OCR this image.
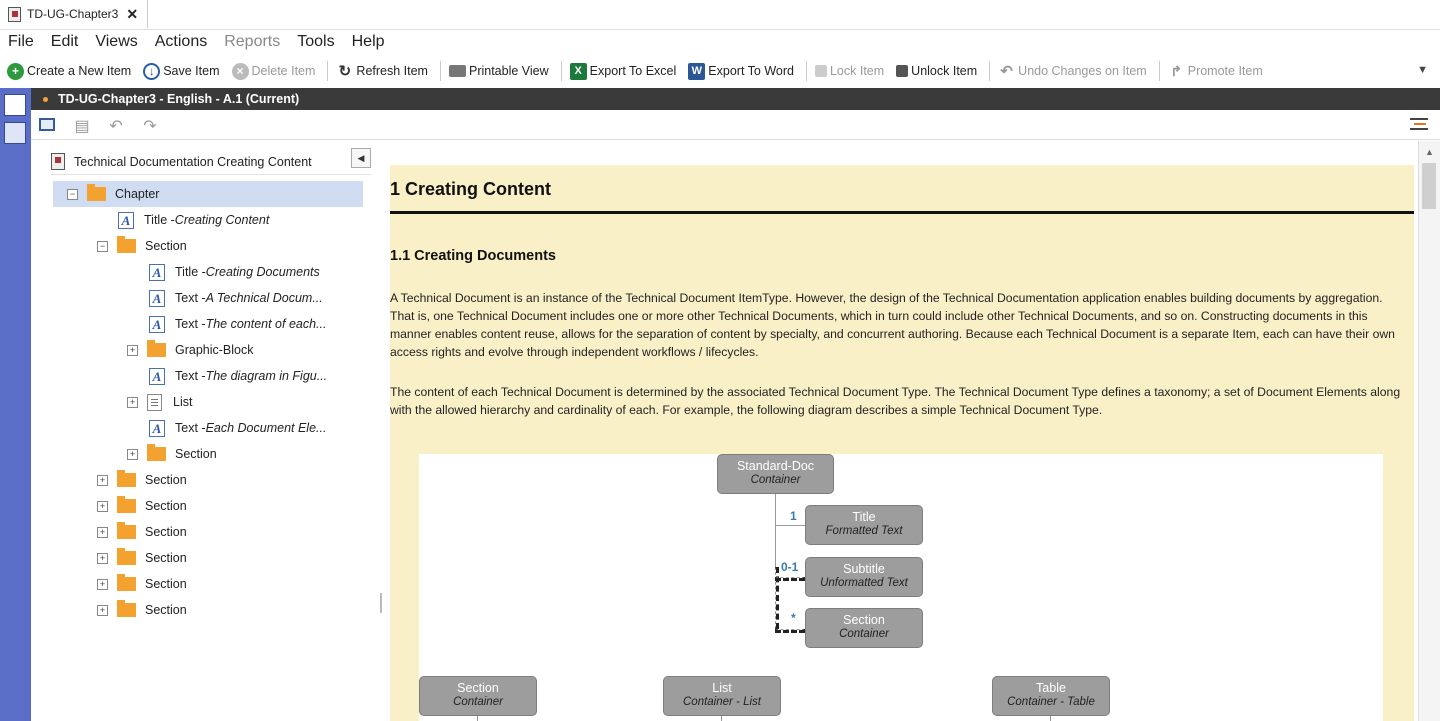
TD-UG-Chapter3 ✕
File Edit Views Actions Reports Tools Help
+ Create a New Item	↓ Save Item	× Delete Item ↻ Refresh Item	Printable View	X Export To Excel W Export To Word	Lock Item Unlock Item ↶ Undo Changes on Item ↱ Promote Item	▼
TD-UG-Chapter3 - English - A.1 (Current)
▤ ↶ ↷
Technical Documentation Creating Content	◀
−	Chapter
A Title - Creating Content
−	Section
A Title - Creating Documents
A Text - A Technical Docum...
A Text - The content of each...
+	Graphic-Block
A Text - The diagram in Figu...
+	List
A Text - Each Document Ele...
+	Section
+	Section
+	Section
+	Section
+	Section
+	Section
+	Section
1 Creating Content
1.1 Creating Documents
A Technical Document is an instance of the Technical Document ItemType. However, the design of the Technical Documentation application enables building documents by aggregation. That is, one Technical Document includes one or more other Technical Documents, which in turn could include other Technical Documents, and so on. Constructing documents in this manner enables content reuse, allows for the separation of content by specialty, and concurrent authoring. Because each Technical Document is a separate Item, each can have their own access rights and evolve through independent workflows / lifecycles.
The content of each Technical Document is determined by the associated Technical Document Type. The Technical Document Type defines a taxonomy; a set of Document Elements along with the allowed hierarchy and cardinality of each. For example, the following diagram describes a simple Technical Document Type.
Standard-Doc
Container
1
0-1
*
Title
Formatted Text
Subtitle
Unformatted Text
Section
Container
Section
Container
List
Container - List
Table
Container - Table
▲
